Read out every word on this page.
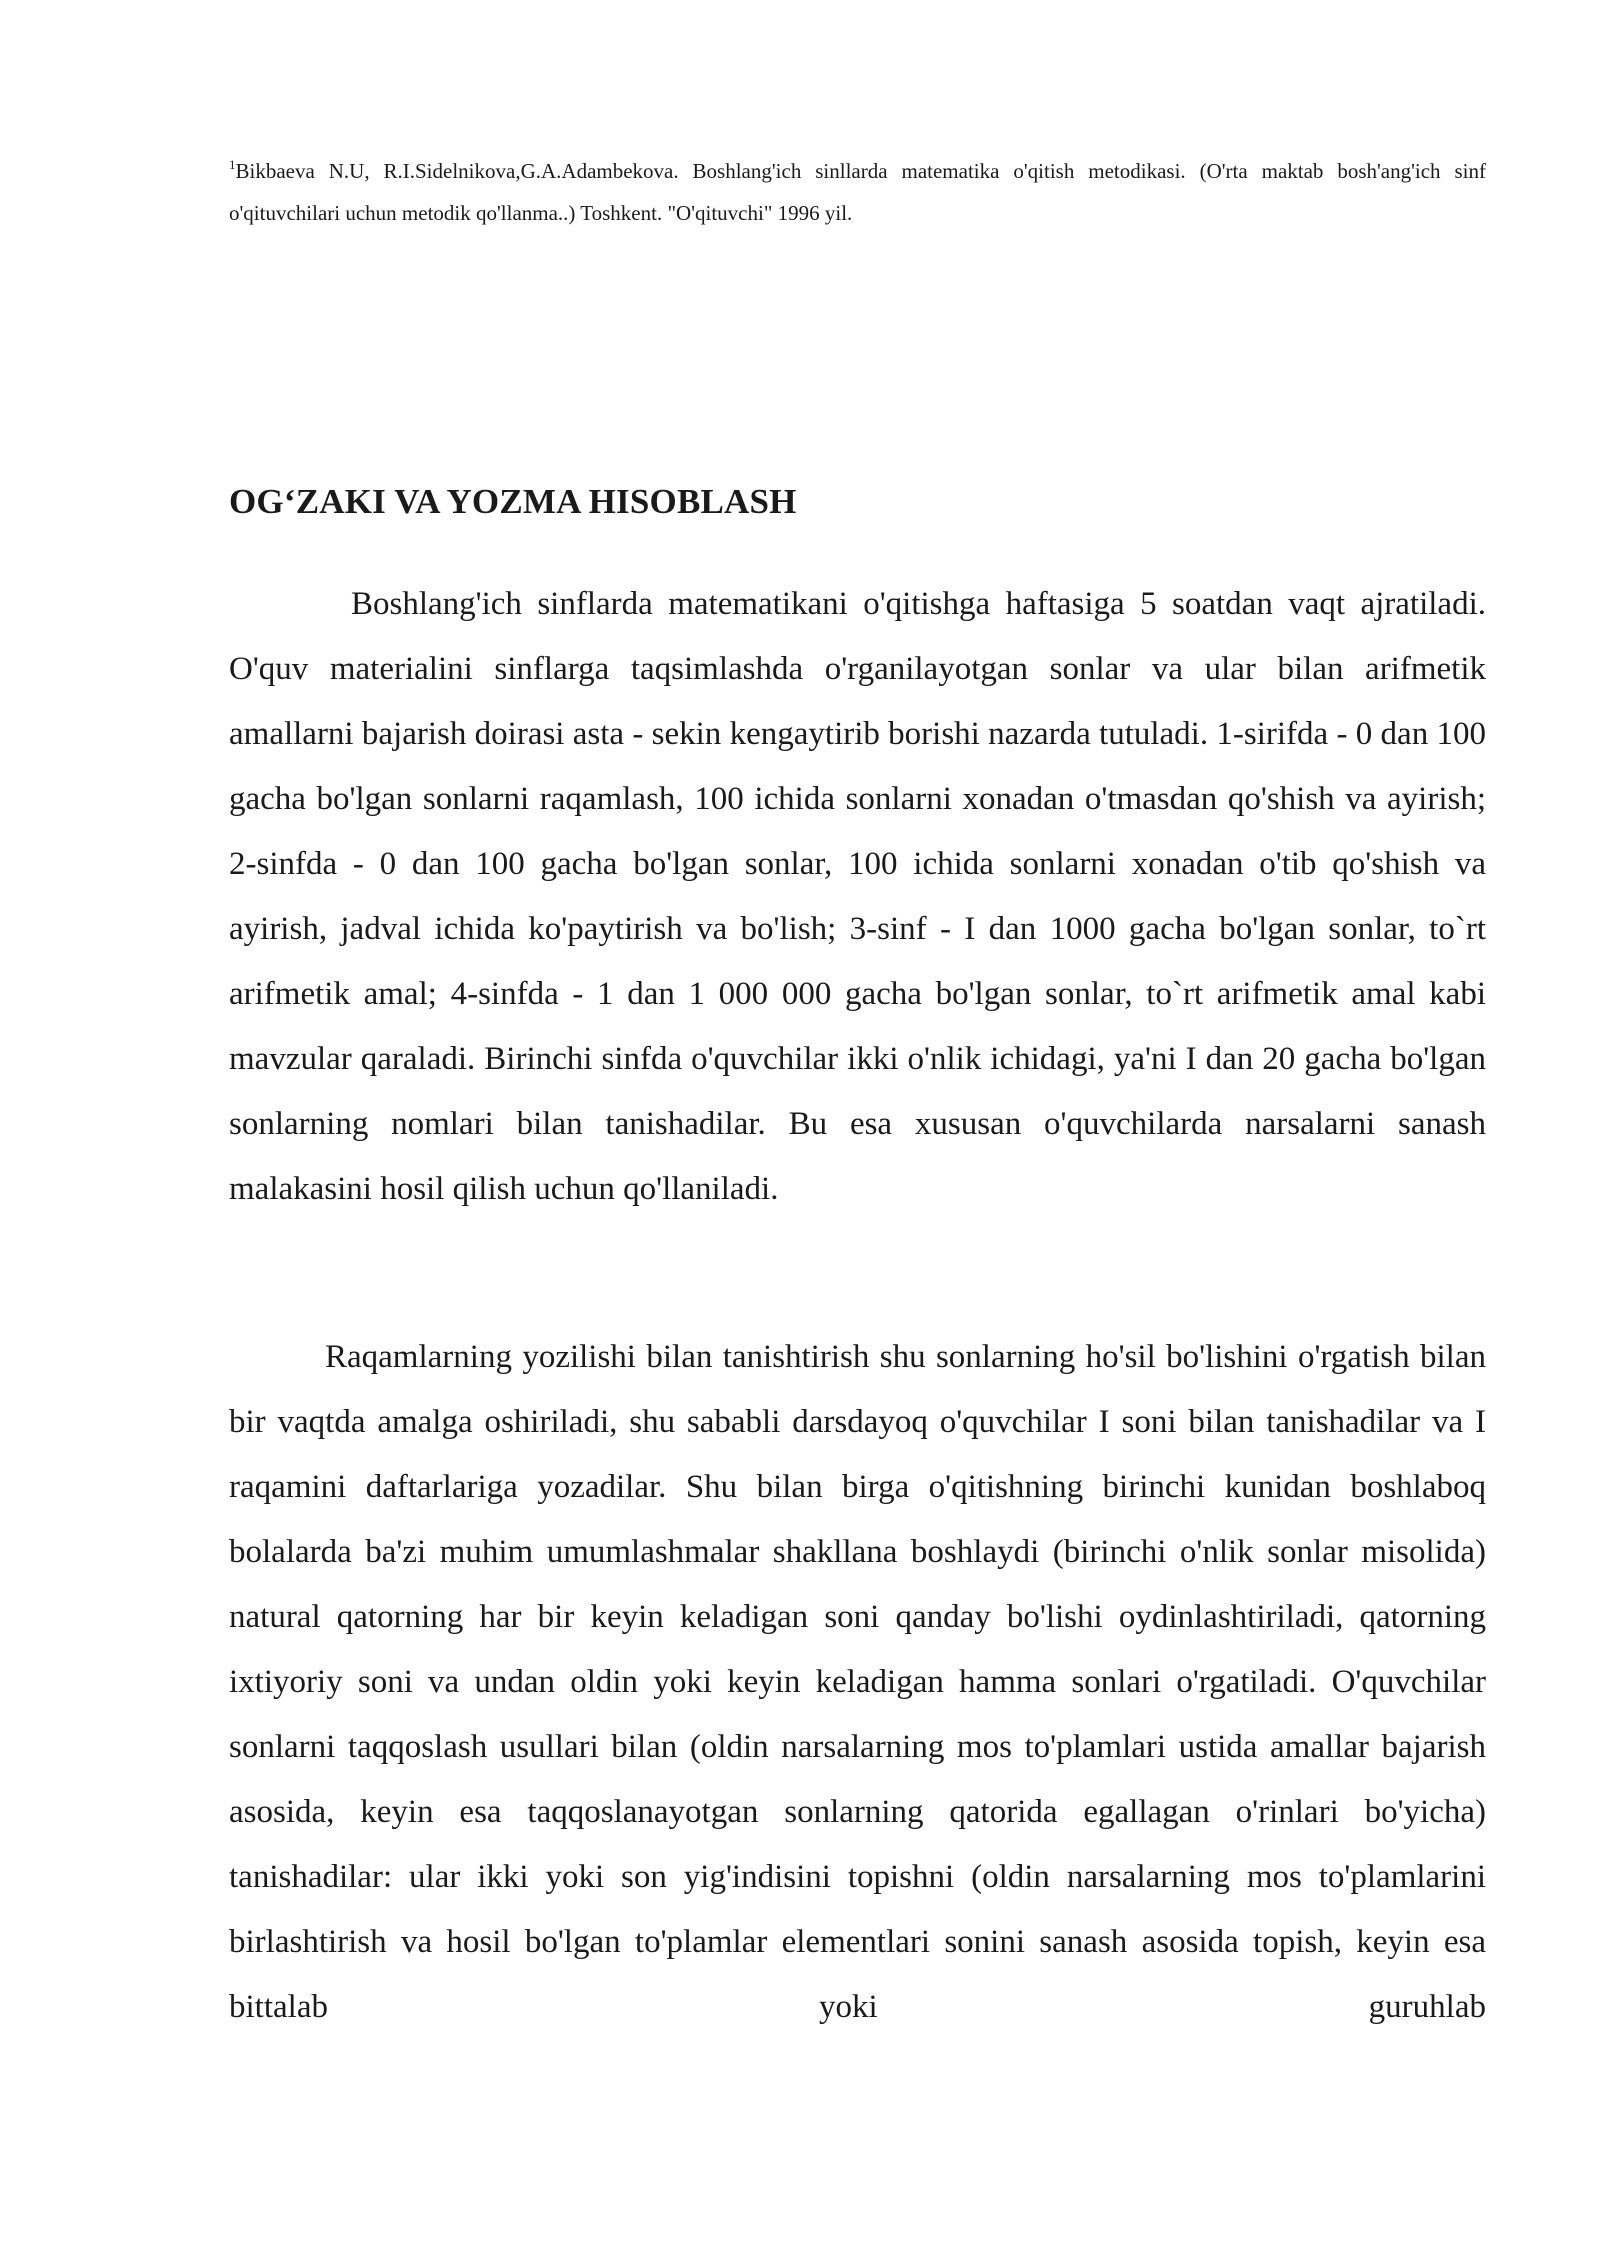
$^1$Bikbaeva N.U, R.I.Sidelnikova,G.A.Adambekova. Boshlang'ich sinllarda matematika o'qitish metodikasi. (O'rta maktab bosh'ang'ich sinf o'qituvchilari uchun metodik qo'llanma..) Toshkent. "O'qituvchi" 1996 yil.

OG‘ZAKI VA YOZMA HISOBLASH

Boshlang'ich sinflarda matematikani o'qitishga haftasiga 5 soatdan vaqt ajratiladi. O'quv materialini sinflarga taqsimlashda o'rganilayotgan sonlar va ular bilan arifmetik amallarni bajarish doirasi asta - sekin kengaytirib borishi nazarda tutuladi. 1-sirifda - 0 dan 100 gacha bo'lgan sonlarni raqamlash, 100 ichida sonlarni xonadan o'tmasdan qo'shish va ayirish; 2-sinfda - 0 dan 100 gacha bo'lgan sonlar, 100 ichida sonlarni xonadan o'tib qo'shish va ayirish, jadval ichida ko'paytirish va bo'lish; 3-sinf - I dan 1000 gacha bo'lgan sonlar, to`rt arifmetik amal; 4-sinfda - 1 dan 1 000 000 gacha bo'lgan sonlar, to`rt arifmetik amal kabi mavzular qaraladi. Birinchi sinfda o'quvchilar ikki o'nlik ichidagi, ya'ni I dan 20 gacha bo'lgan sonlarning nomlari bilan tanishadilar. Bu esa xususan o'quvchilarda narsalarni sanash malakasini hosil qilish uchun qo'llaniladi.

Raqamlarning yozilishi bilan tanishtirish shu sonlarning ho'sil bo'lishini o'rgatish bilan bir vaqtda amalga oshiriladi, shu sababli darsdayoq o'quvchilar I soni bilan tanishadilar va I raqamini daftarlariga yozadilar. Shu bilan birga o'qitishning birinchi kunidan boshlaboq bolalarda ba'zi muhim umumlashmalar shakllana boshlaydi (birinchi o'nlik sonlar misolida) natural qatorning har bir keyin keladigan soni qanday bo'lishi oydinlashtiriladi, qatorning ixtiyoriy soni va undan oldin yoki keyin keladigan hamma sonlari o'rgatiladi. O'quvchilar sonlarni taqqoslash usullari bilan (oldin narsalarning mos to'plamlari ustida amallar bajarish asosida, keyin esa taqqoslanayotgan sonlarning qatorida egallagan o'rinlari bo'yicha) tanishadilar: ular ikki yoki son yig'indisini topishni (oldin narsalarning mos to'plamlarini birlashtirish va hosil bo'lgan to'plamlar elementlari sonini sanash asosida topish, keyin esa bittalab yoki guruhlab
